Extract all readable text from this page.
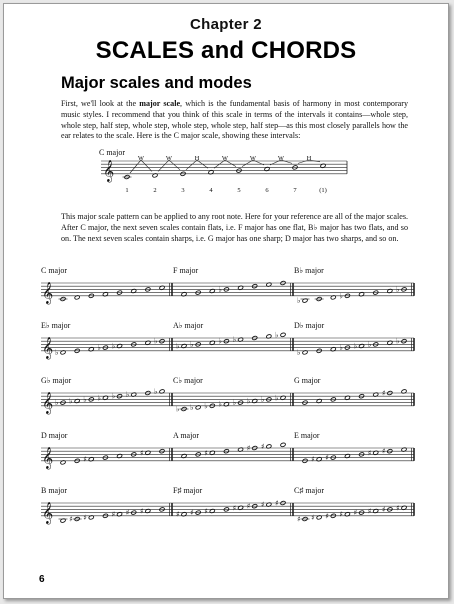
Chapter 2
SCALES and CHORDS
Major scales and modes

First, we'll look at the major scale, which is the fundamental basis of harmony in most contemporary music styles. I recommend that you think of this scale in terms of the intervals it contains—whole step, whole step, half step, whole step, whole step, whole step, half step—as this most closely parallels how the ear relates to the scale. Here is the C major scale, showing these intervals:

C major
W	W	H	W	W	W	H
1	2	3	4	5	6	7	(1)

This major scale pattern can be applied to any root note. Here for your reference are all of the major scales. After C major, the next seven scales contain flats, i.e. F major has one flat, B♭ major has two flats, and so on. The next seven scales contain sharps, i.e. G major has one sharp; D major has two sharps, and so on.

C major	F major	B♭ major
E♭ major	A♭ major	D♭ major
G♭ major	C♭ major	G major
D major	A major	E major
B major	F♯ major	C♯ major
𝄞
𝄞	♭
♭
♭
♭
𝄞 ♭
♭ ♭
♭
♭ ♭	♭ ♭
♭
♭
♭ ♭ ♭	♭
𝄞 ♭ ♭ ♭ ♭ ♭ ♭	♭
♭ ♭ ♭ ♭ ♭ ♭ ♭ ♭
♯
𝄞	♯
♯	♯
♯ ♯
♯ ♯
♯ ♯
𝄞 ♯ ♯	♯ ♯ ♯	♯ ♯ ♯	♯ ♯ ♯ ♯
♯ ♯ ♯ ♯ ♯ ♯ ♯ ♯
6
